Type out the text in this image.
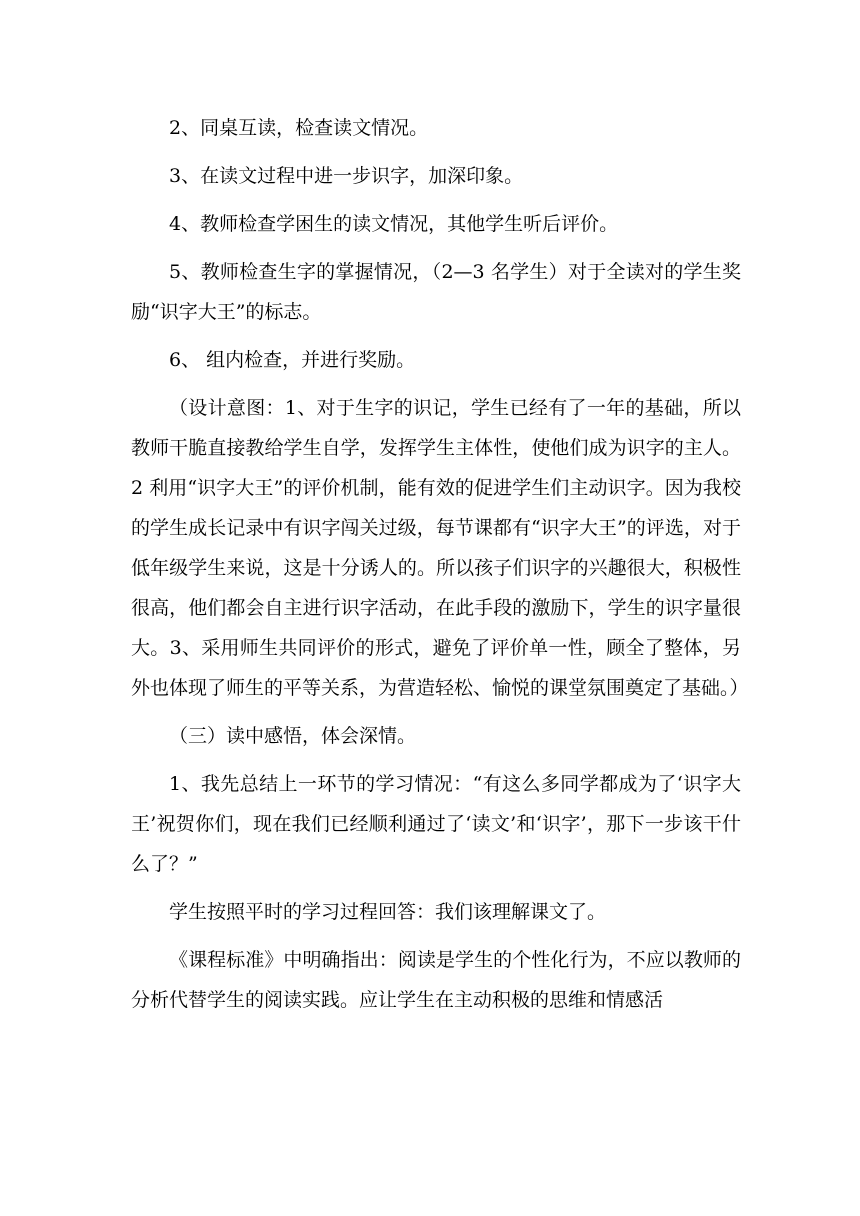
2、同桌互读，检查读文情况。

3、在读文过程中进一步识字，加深印象。

4、教师检查学困生的读文情况，其他学生听后评价。

5、教师检查生字的掌握情况，（2—3 名学生）对于全读对的学生奖励“识字大王”的标志。

6、 组内检查，并进行奖励。

（设计意图：1、对于生字的识记，学生已经有了一年的基础，所以教师干脆直接教给学生自学，发挥学生主体性，使他们成为识字的主人。2 利用“识字大王”的评价机制，能有效的促进学生们主动识字。因为我校的学生成长记录中有识字闯关过级，每节课都有“识字大王”的评选，对于低年级学生来说，这是十分诱人的。所以孩子们识字的兴趣很大，积极性很高，他们都会自主进行识字活动，在此手段的激励下，学生的识字量很大。3、采用师生共同评价的形式，避免了评价单一性，顾全了整体，另外也体现了师生的平等关系，为营造轻松、愉悦的课堂氛围奠定了基础。）

（三）读中感悟，体会深情。

1、我先总结上一环节的学习情况：“有这么多同学都成为了‘识字大王’祝贺你们，现在我们已经顺利通过了‘读文’和‘识字’，那下一步该干什么了？”

学生按照平时的学习过程回答：我们该理解课文了。

《课程标准》中明确指出：阅读是学生的个性化行为，不应以教师的分析代替学生的阅读实践。应让学生在主动积极的思维和情感活
